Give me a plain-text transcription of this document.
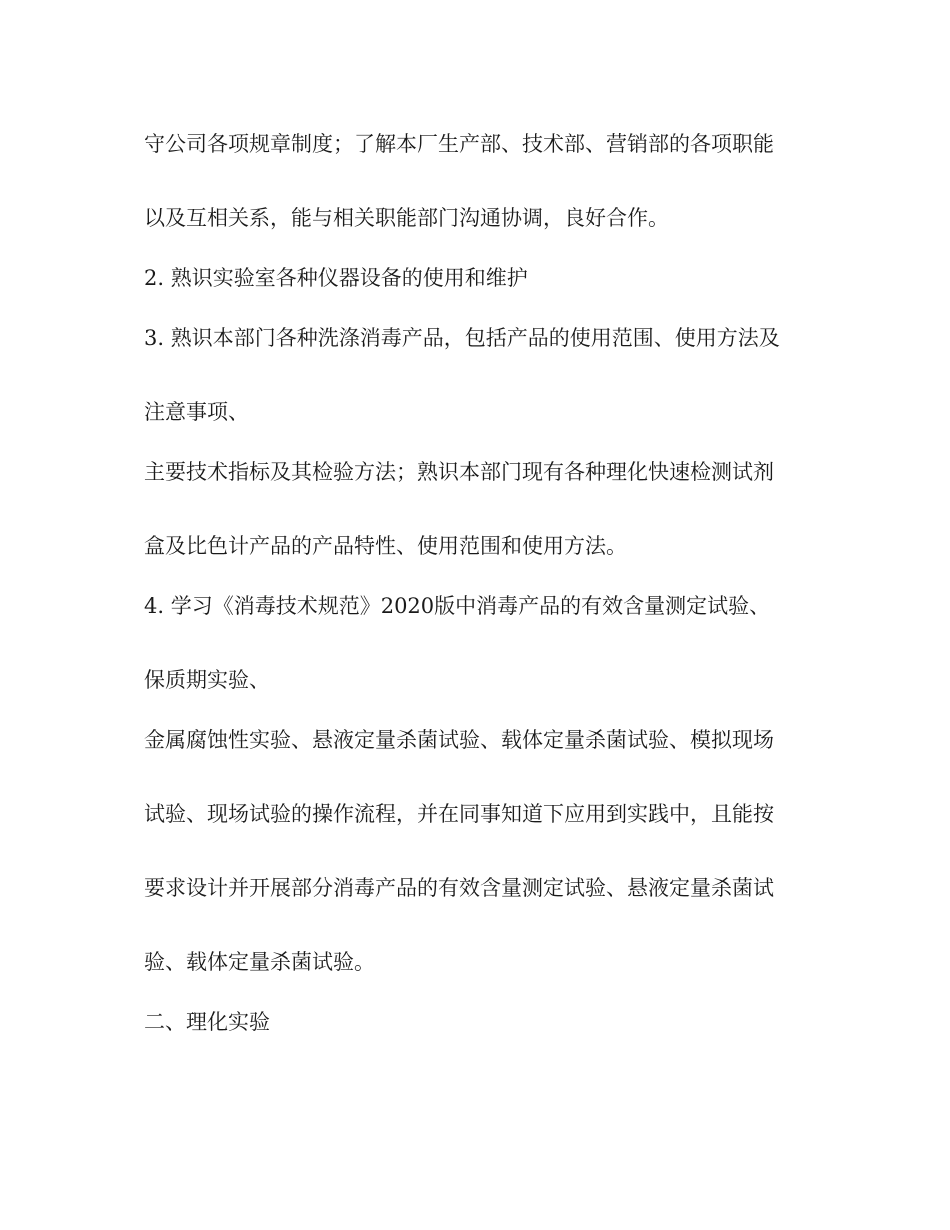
守公司各项规章制度；了解本厂生产部、技术部、营销部的各项职能

以及互相关系，能与相关职能部门沟通协调，良好合作。

2. 熟识实验室各种仪器设备的使用和维护

3. 熟识本部门各种洗涤消毒产品，包括产品的使用范围、使用方法及

注意事项、

主要技术指标及其检验方法；熟识本部门现有各种理化快速检测试剂

盒及比色计产品的产品特性、使用范围和使用方法。

4. 学习《消毒技术规范》2020版中消毒产品的有效含量测定试验、

保质期实验、

金属腐蚀性实验、悬液定量杀菌试验、载体定量杀菌试验、模拟现场

试验、现场试验的操作流程，并在同事知道下应用到实践中，且能按

要求设计并开展部分消毒产品的有效含量测定试验、悬液定量杀菌试

验、载体定量杀菌试验。

二、理化实验
